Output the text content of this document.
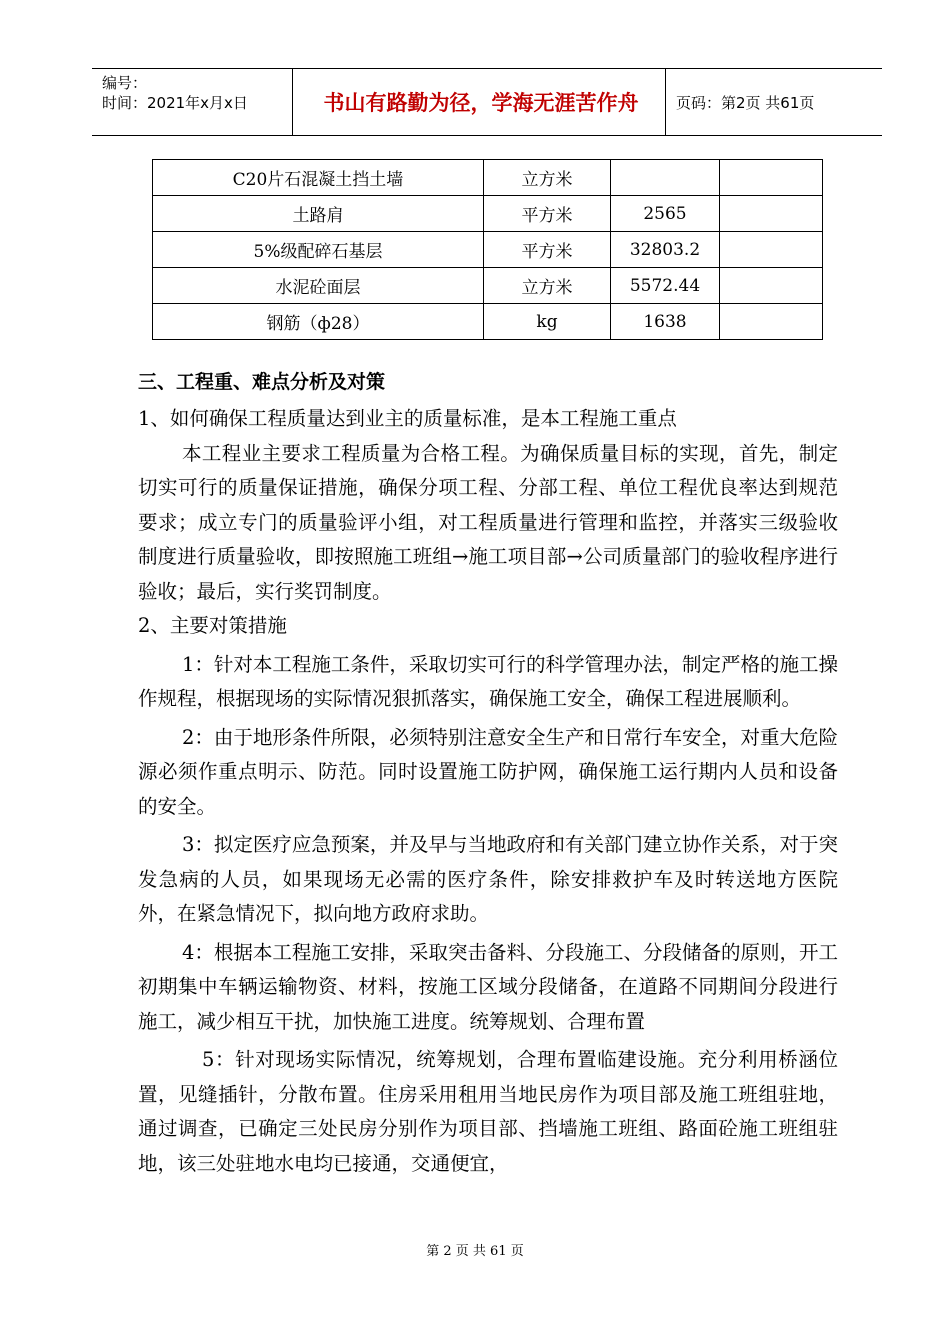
编号：
时间：2021年x月x日	书山有路勤为径，学海无涯苦作舟	页码：第2页 共61页
C20片石混凝土挡土墙	立方米		
土路肩	平方米	2565	
5%级配碎石基层	平方米	32803.2	
水泥砼面层	立方米	5572.44	
钢筋（ф28）	kg	1638	

三、工程重、难点分析及对策

1、如何确保工程质量达到业主的质量标准，是本工程施工重点

本工程业主要求工程质量为合格工程。为确保质量目标的实现，首先，制定切实可行的质量保证措施，确保分项工程、分部工程、单位工程优良率达到规范要求；成立专门的质量验评小组，对工程质量进行管理和监控，并落实三级验收制度进行质量验收，即按照施工班组→施工项目部→公司质量部门的验收程序进行验收；最后，实行奖罚制度。

2、主要对策措施

1：针对本工程施工条件，采取切实可行的科学管理办法，制定严格的施工操作规程，根据现场的实际情况狠抓落实，确保施工安全，确保工程进展顺利。

2：由于地形条件所限，必须特别注意安全生产和日常行车安全，对重大危险源必须作重点明示、防范。同时设置施工防护网，确保施工运行期内人员和设备的安全。

3：拟定医疗应急预案，并及早与当地政府和有关部门建立协作关系，对于突发急病的人员，如果现场无必需的医疗条件，除安排救护车及时转送地方医院外，在紧急情况下，拟向地方政府求助。

4：根据本工程施工安排，采取突击备料、分段施工、分段储备的原则，开工初期集中车辆运输物资、材料，按施工区域分段储备，在道路不同期间分段进行施工，减少相互干扰，加快施工进度。统筹规划、合理布置

5：针对现场实际情况，统筹规划，合理布置临建设施。充分利用桥涵位置，见缝插针，分散布置。住房采用租用当地民房作为项目部及施工班组驻地，通过调查，已确定三处民房分别作为项目部、挡墙施工班组、路面砼施工班组驻地，该三处驻地水电均已接通，交通便宜，

第 2 页 共 61 页
